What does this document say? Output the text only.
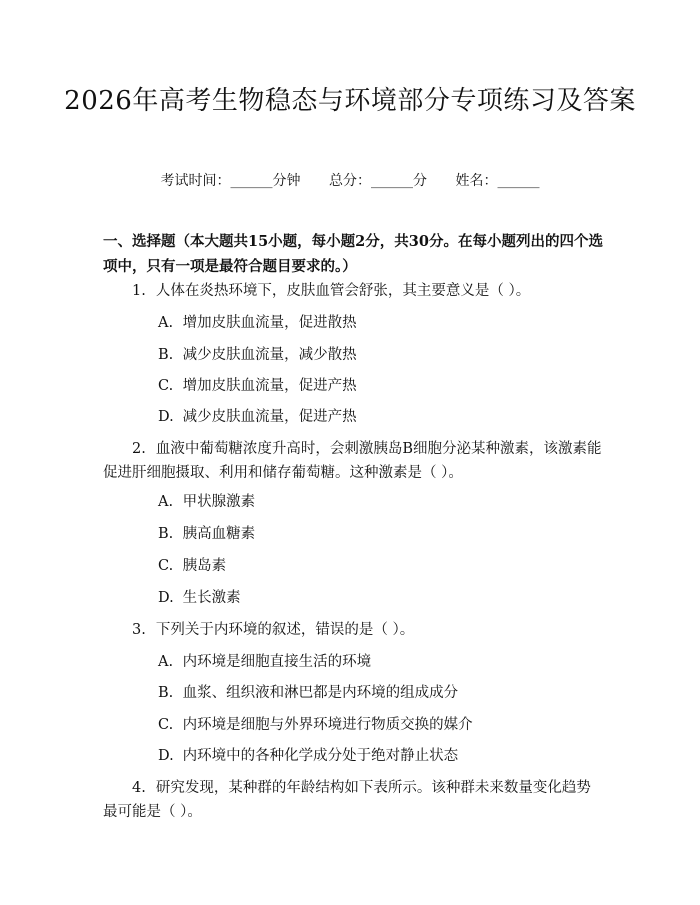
2026年高考生物稳态与环境部分专项练习及答案
考试时间：______分钟 总分：______分 姓名：______
一、选择题（本大题共15小题，每小题2分，共30分。在每小题列出的四个选项中，只有一项是最符合题目要求的。）
1. 人体在炎热环境下，皮肤血管会舒张，其主要意义是（ ）。
A. 增加皮肤血流量，促进散热
B. 减少皮肤血流量，减少散热
C. 增加皮肤血流量，促进产热
D. 减少皮肤血流量，促进产热
2. 血液中葡萄糖浓度升高时，会刺激胰岛B细胞分泌某种激素，该激素能促进肝细胞摄取、利用和储存葡萄糖。这种激素是（ ）。
A. 甲状腺激素
B. 胰高血糖素
C. 胰岛素
D. 生长激素
3. 下列关于内环境的叙述，错误的是（ ）。
A. 内环境是细胞直接生活的环境
B. 血浆、组织液和淋巴都是内环境的组成成分
C. 内环境是细胞与外界环境进行物质交换的媒介
D. 内环境中的各种化学成分处于绝对静止状态
4. 研究发现，某种群的年龄结构如下表所示。该种群未来数量变化趋势最可能是（ ）。
